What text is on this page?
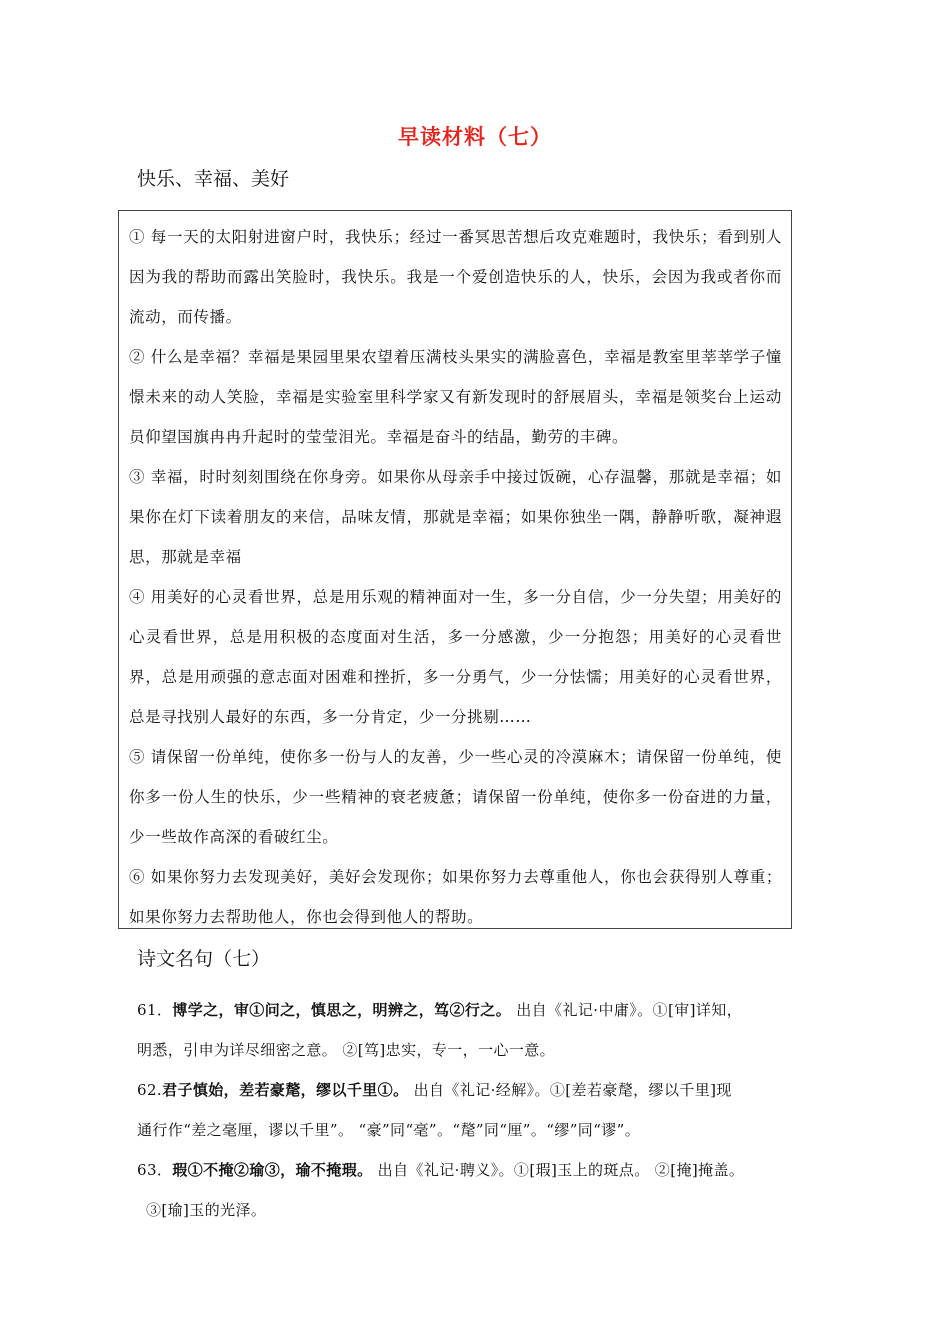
早读材料（七）
快乐、幸福、美好

① 每一天的太阳射进窗户时，我快乐；经过一番冥思苦想后攻克难题时，我快乐；看到别人因为我的帮助而露出笑脸时，我快乐。我是一个爱创造快乐的人，快乐，会因为我或者你而流动，而传播。

② 什么是幸福？幸福是果园里果农望着压满枝头果实的满脸喜色，幸福是教室里莘莘学子憧憬未来的动人笑脸，幸福是实验室里科学家又有新发现时的舒展眉头，幸福是领奖台上运动员仰望国旗冉冉升起时的莹莹泪光。幸福是奋斗的结晶，勤劳的丰碑。

③ 幸福，时时刻刻围绕在你身旁。如果你从母亲手中接过饭碗，心存温馨，那就是幸福；如果你在灯下读着朋友的来信，品味友情，那就是幸福；如果你独坐一隅，静静听歌，凝神遐思，那就是幸福

④ 用美好的心灵看世界，总是用乐观的精神面对一生，多一分自信，少一分失望；用美好的心灵看世界，总是用积极的态度面对生活，多一分感激，少一分抱怨；用美好的心灵看世界，总是用顽强的意志面对困难和挫折，多一分勇气，少一分怯懦；用美好的心灵看世界，总是寻找别人最好的东西，多一分肯定，少一分挑剔……

⑤ 请保留一份单纯，使你多一份与人的友善，少一些心灵的冷漠麻木；请保留一份单纯，使你多一份人生的快乐，少一些精神的衰老疲惫；请保留一份单纯，使你多一份奋进的力量，少一些故作高深的看破红尘。

⑥ 如果你努力去发现美好，美好会发现你；如果你努力去尊重他人，你也会获得别人尊重；如果你努力去帮助他人，你也会得到他人的帮助。

诗文名句（七）

61．博学之，审①问之，慎思之，明辨之，笃②行之。 出自《礼记·中庸》。①[审]详知，

明悉，引申为详尽细密之意。 ②[笃]忠实，专一，一心一意。

62.君子慎始，差若豪氂，缪以千里①。 出自《礼记·经解》。①[差若豪氂，缪以千里]现

通行作“差之毫厘，谬以千里”。 “豪”同“毫”。“氂”同“厘”。“缪”同“谬”。

63．瑕①不掩②瑜③，瑜不掩瑕。 出自《礼记·聘义》。①[瑕]玉上的斑点。 ②[掩]掩盖。

③[瑜]玉的光泽。
